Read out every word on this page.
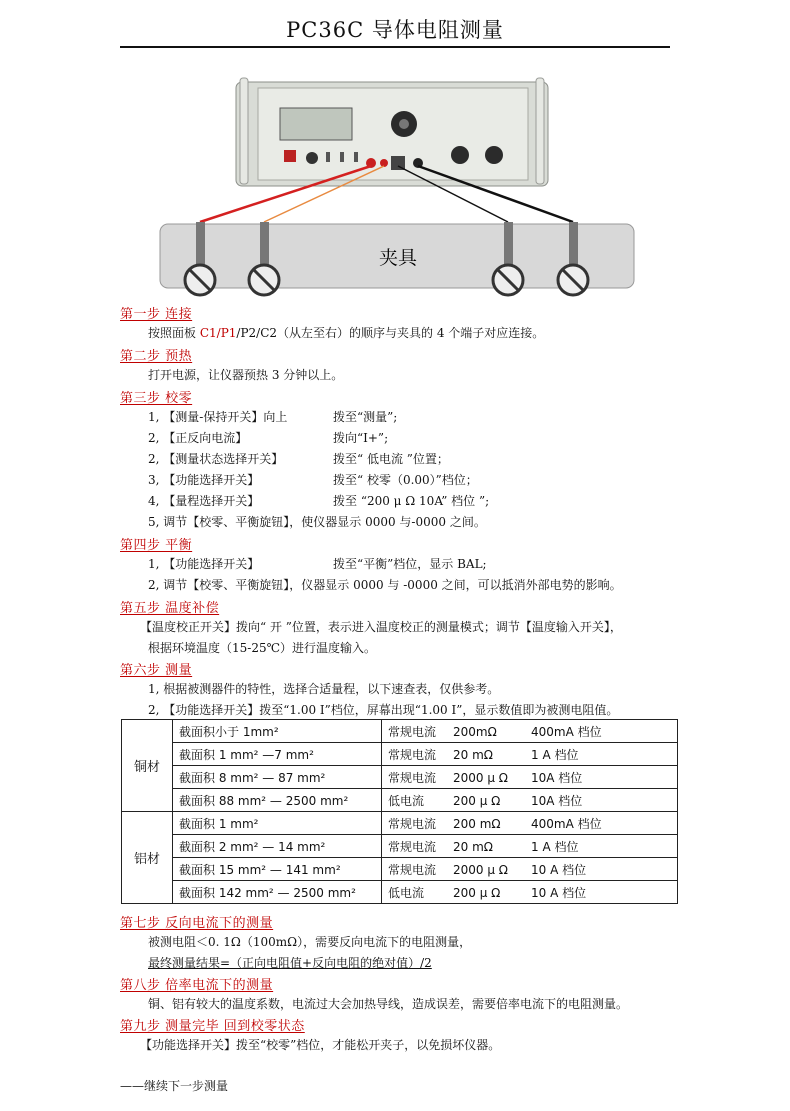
PC36C 导体电阻测量
夹具
第一步 连接
按照面板 C1/P1/P2/C2（从左至右）的顺序与夹具的 4 个端子对应连接。
第二步 预热
打开电源，让仪器预热 3 分钟以上。
第三步 校零
1, 【测量-保持开关】向上	拨至“测量”;
2, 【正反向电流】	拨向“I+”;
2, 【测量状态选择开关】	拨至“ 低电流 ”位置；
3, 【功能选择开关】	拨至“ 校零（0.00）”档位；
4, 【量程选择开关】	拨至 “200 μ Ω 10A” 档位 ”;
5, 调节【校零、平衡旋钮】，使仪器显示 0000 与-0000 之间。
第四步 平衡
1, 【功能选择开关】	拨至“平衡”档位，显示 BAL;
2, 调节【校零、平衡旋钮】，仪器显示 0000 与 -0000 之间，可以抵消外部电势的影响。
第五步 温度补偿
【温度校正开关】拨向“ 开 ”位置，表示进入温度校正的测量模式；调节【温度输入开关】，
根据环境温度（15-25℃）进行温度输入。
第六步 测量
1, 根据被测器件的特性，选择合适量程，以下速查表，仅供参考。
2, 【功能选择开关】拨至“1.00 I”档位，屏幕出现“1.00 I”，显示数值即为被测电阻值。
铜材	截面积小于 1mm²	常规电流 200mΩ 400mA 档位
	截面积 1 mm² —7 mm²	常规电流 20 mΩ 1 A 档位
	截面积 8 mm² — 87 mm²	常规电流 2000 μ Ω 10A 档位
	截面积 88 mm² — 2500 mm²	低电流 200 μ Ω 10A 档位
铝材	截面积 1 mm²	常规电流 200 mΩ 400mA 档位
	截面积 2 mm² — 14 mm²	常规电流 20 mΩ 1 A 档位
	截面积 15 mm² — 141 mm²	常规电流 2000 μ Ω 10 A 档位
	截面积 142 mm² — 2500 mm²	低电流 200 μ Ω 10 A 档位
第七步 反向电流下的测量
被测电阻＜0. 1Ω（100mΩ），需要反向电流下的电阻测量，
最终测量结果=（正向电阻值+反向电阻的绝对值）/2
第八步 倍率电流下的测量
铜、铝有较大的温度系数，电流过大会加热导线，造成误差，需要倍率电流下的电阻测量。
第九步 测量完毕 回到校零状态
【功能选择开关】拨至“校零”档位，才能松开夹子，以免损坏仪器。
——继续下一步测量
